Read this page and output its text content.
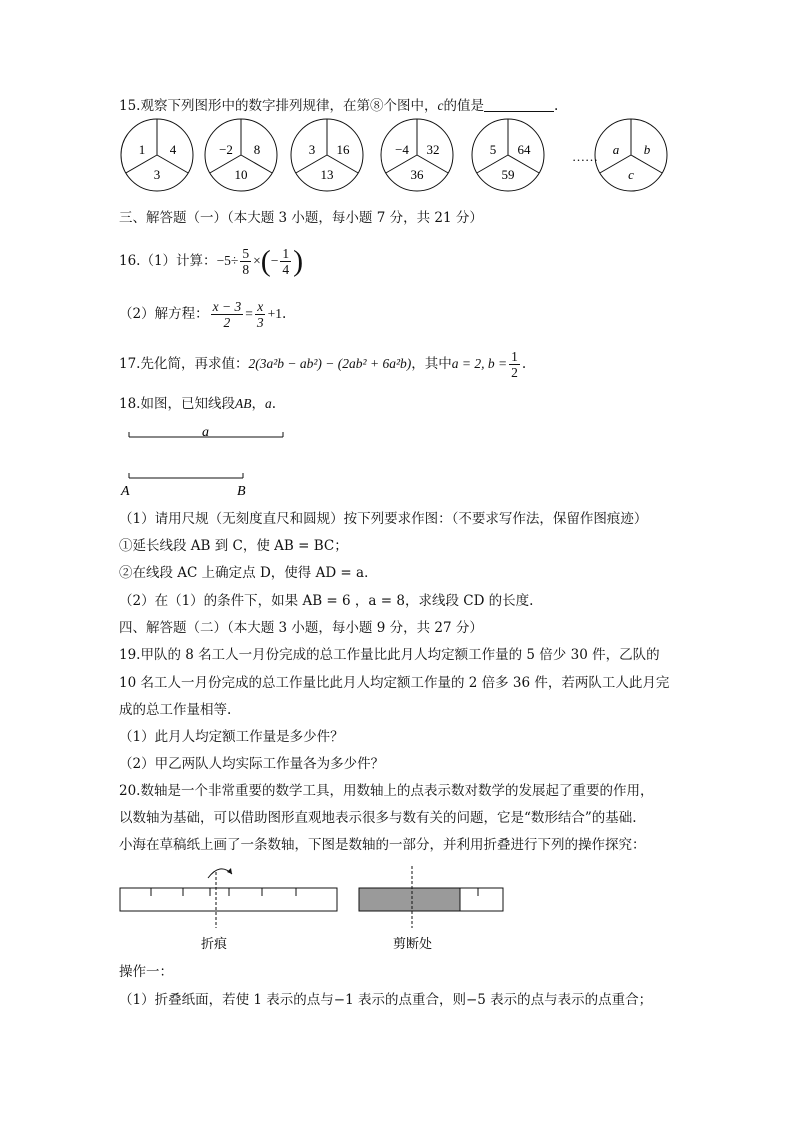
15.观察下列图形中的数字排列规律，在第⑧个图中，c的值是	.
1 4
3
−2 8
10
3 16
13
−4 32
36
5 64
59
a b
c
……
三、解答题（一）（本大题 3 小题，每小题 7 分，共 21 分）
16.（1）计算：$-5\div \frac{5}{8}$ ×(− $\frac{1}{4}$ )
（2）解方程： $\frac{x - 3}{2} = \frac{x}{3} +1$.
17.先化简，再求值：2(3a²b − ab²) − (2ab² + 6a²b)，其中a = 2, $b = \frac{1}{2}$ .
18.如图，已知线段AB，a.
a
A	B
（1）请用尺规（无刻度直尺和圆规）按下列要求作图：（不要求写作法，保留作图痕迹）
①延长线段 AB 到 C，使 AB = BC；
②在线段 AC 上确定点 D，使得 AD = a．
（2）在（1）的条件下，如果 AB = 6 ，a = 8，求线段 CD 的长度.
四、解答题（二）（本大题 3 小题，每小题 9 分，共 27 分）
19.甲队的 8 名工人一月份完成的总工作量比此月人均定额工作量的 5 倍少 30 件，乙队的
10 名工人一月份完成的总工作量比此月人均定额工作量的 2 倍多 36 件，若两队工人此月完
成的总工作量相等.
（1）此月人均定额工作量是多少件？
（2）甲乙两队人均实际工作量各为多少件？
20.数轴是一个非常重要的数学工具，用数轴上的点表示数对数学的发展起了重要的作用，
以数轴为基础，可以借助图形直观地表示很多与数有关的问题，它是“数形结合”的基础.
小海在草稿纸上画了一条数轴，下图是数轴的一部分，并利用折叠进行下列的操作探究：
折痕	剪断处
操作一：
（1）折叠纸面，若使 1 表示的点与−1 表示的点重合，则−5 表示的点与表示的点重合；
